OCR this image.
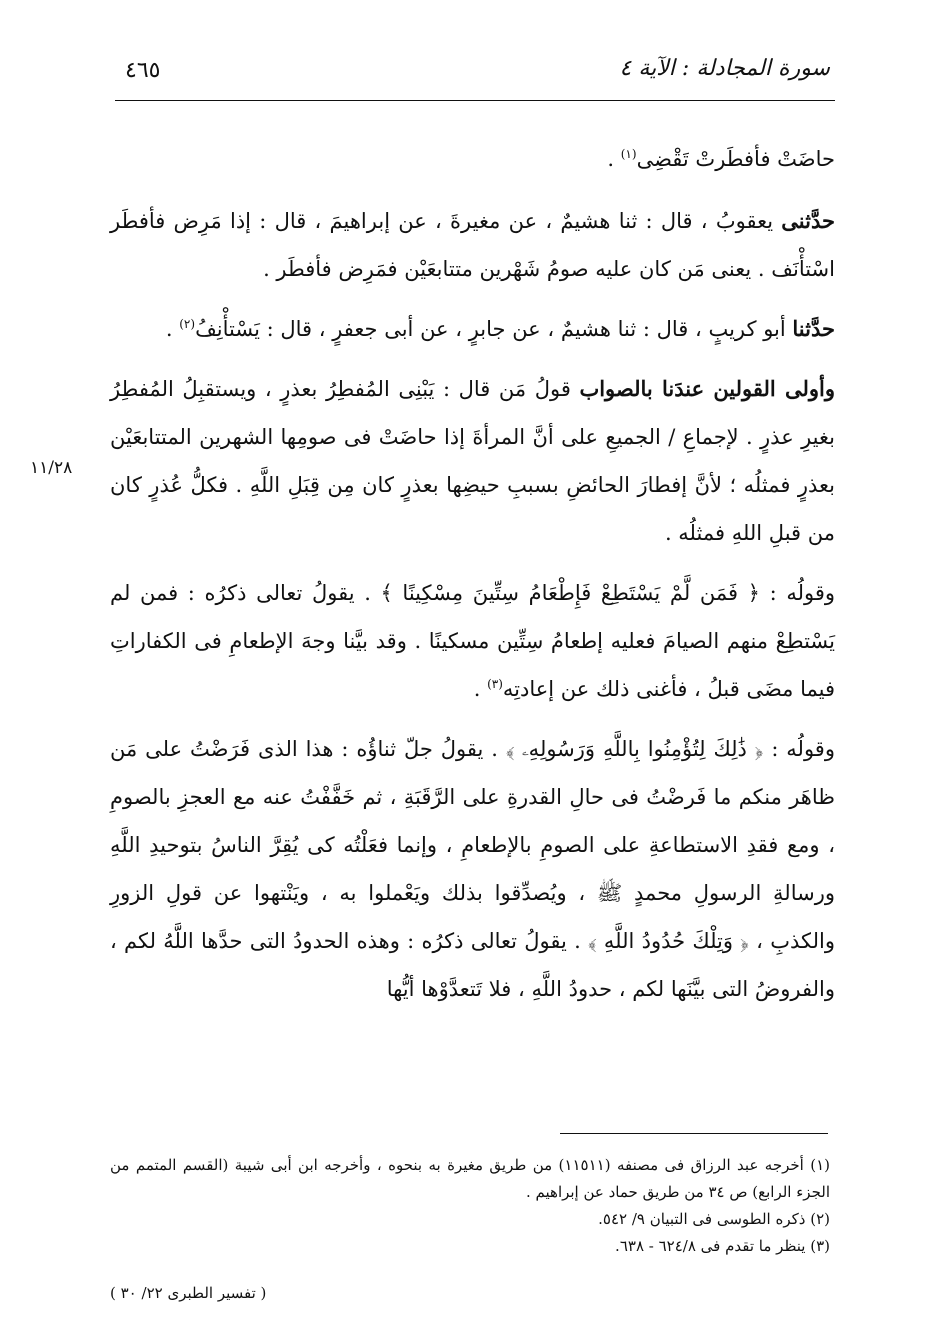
٤٦٥	سورة المجادلة : الآية ٤
١١/٢٨

حاضَتْ فأفطَرتْ تَقْضِى$^{(١)}$ .

حدَّثنى يعقوبُ ، قال : ثنا هشيمٌ ، عن مغيرةَ ، عن إبراهيمَ ، قال : إذا مَرِض فأفطَر اسْتأْنَف . يعنى مَن كان عليه صومُ شَهْرين متتابعَيْن فمَرِض فأفطَر .

حدَّثنا أبو كريبٍ ، قال : ثنا هشيمٌ ، عن جابرٍ ، عن أبى جعفرٍ ، قال : يَسْتأْنِفُ$^{(٢)}$ .

وأولى القولين عندَنا بالصواب قولُ مَن قال : يَبْنِى المُفطِرُ بعذرٍ ، ويستقبِلُ المُفطِرُ بغيرِ عذرٍ . لإجماعِ / الجميعِ على أنَّ المرأةَ إذا حاضَتْ فى صومِها الشهرين المتتابعَيْن بعذرٍ فمثلُه ؛ لأنَّ إفطارَ الحائضِ بسببِ حيضِها بعذرٍ كان مِن قِبَلِ اللَّهِ . فكلُّ عُذرٍ كان من قبلِ اللهِ فمثلُه .

وقولُه : ﴿ فَمَن لَّمْ يَسْتَطِعْ فَإِطْعَامُ سِتِّينَ مِسْكِينًا ﴾ . يقولُ تعالى ذكرُه : فمن لم يَسْتطِعْ منهم الصيامَ فعليه إطعامُ سِتِّين مسكينًا . وقد بيَّنا وجهَ الإطعامِ فى الكفاراتِ فيما مضَى قبلُ ، فأغنى ذلك عن إعادتِه$^{(٣)}$ .

وقولُه : ﴿ ذَٰلِكَ لِتُؤْمِنُوا بِاللَّهِ وَرَسُولِهِۦ ﴾ . يقولُ جلّ ثناؤُه : هذا الذى فَرَضْتُ على مَن ظاهَر منكم ما فَرضْتُ فى حالِ القدرةِ على الرَّقَبَةِ ، ثم خَفَّفْتُ عنه مع العجزِ بالصومِ ، ومع فقدِ الاستطاعةِ على الصومِ بالإطعامِ ، وإنما فعَلْتُه كى يُقِرَّ الناسُ بتوحيدِ اللَّهِ ورسالةِ الرسولِ محمدٍ ﷺ ، ويُصدِّقوا بذلك ويَعْملوا به ، ويَنْتهوا عن قولِ الزورِ والكذبِ ، ﴿ وَتِلْكَ حُدُودُ اللَّهِ ﴾ . يقولُ تعالى ذكرُه : وهذه الحدودُ التى حدَّها اللَّهُ لكم ، والفروضُ التى بيَّنَها لكم ، حدودُ اللَّهِ ، فلا تَتعدَّوْها أيُّها

(١) أخرجه عبد الرزاق فى مصنفه (١١٥١١) من طريق مغيرة به بنحوه ، وأخرجه ابن أبى شيبة (القسم المتمم من الجزء الرابع) ص ٣٤ من طريق حماد عن إبراهيم .

(٢) ذكره الطوسى فى التبيان ٩/ ٥٤٢.

(٣) ينظر ما تقدم فى ٦٢٤/٨ - ٦٣٨.

( تفسير الطبرى ٢٢/ ٣٠ )
